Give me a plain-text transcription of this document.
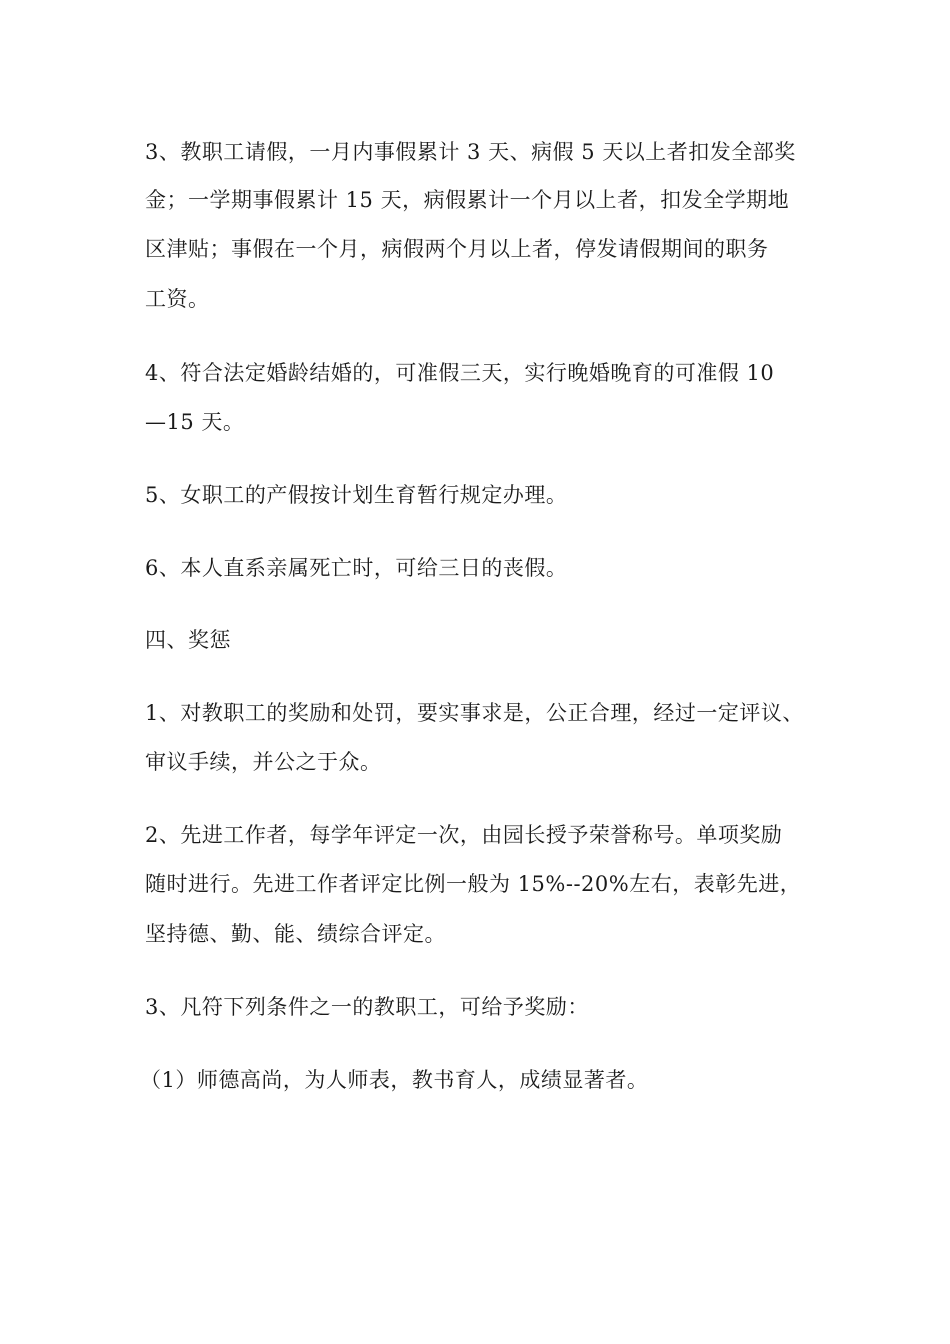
3、教职工请假，一月内事假累计 3 天、病假 5 天以上者扣发全部奖
金；一学期事假累计 15 天，病假累计一个月以上者，扣发全学期地
区津贴；事假在一个月，病假两个月以上者，停发请假期间的职务
工资。
4、符合法定婚龄结婚的，可准假三天，实行晚婚晚育的可准假 10
—15 天。
5、女职工的产假按计划生育暂行规定办理。
6、本人直系亲属死亡时，可给三日的丧假。
四、奖惩
1、对教职工的奖励和处罚，要实事求是，公正合理，经过一定评议、
审议手续，并公之于众。
2、先进工作者，每学年评定一次，由园长授予荣誉称号。单项奖励
随时进行。先进工作者评定比例一般为 15%--20%左右，表彰先进，
坚持德、勤、能、绩综合评定。
3、凡符下列条件之一的教职工，可给予奖励：
（1）师德高尚，为人师表，教书育人，成绩显著者。
